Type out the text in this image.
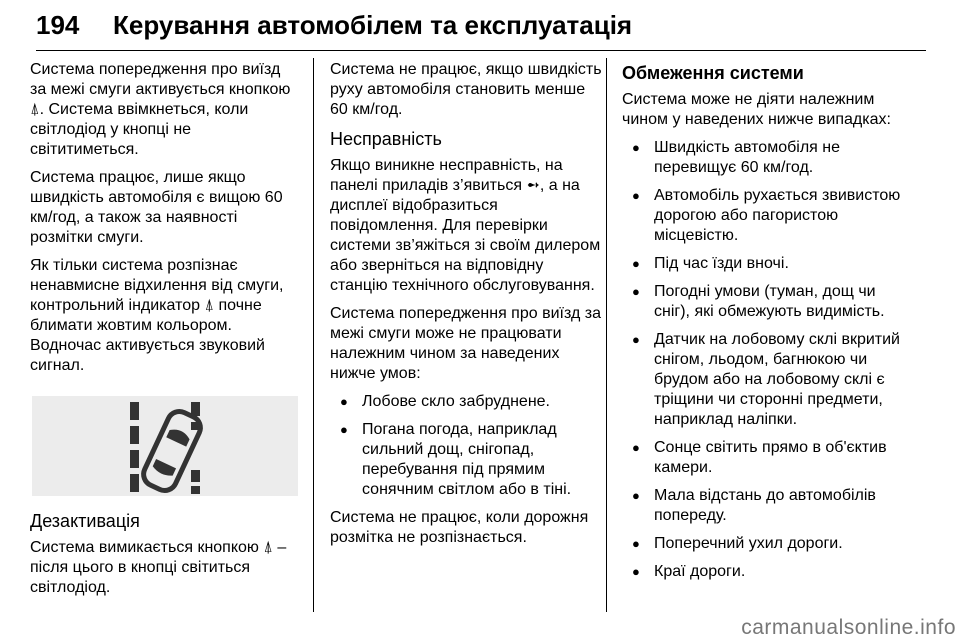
194 Керування автомобілем та експлуатація

Система попередження про виїзд за межі смуги активується кнопкою ⍋. Система ввімкнеться, коли світлодіод у кнопці не світитиметься.

Система працює, лише якщо швидкість автомобіля є вищою 60 км/год, а також за наявності розмітки смуги.

Як тільки система розпізнає ненавмисне відхилення від смуги, контрольний індикатор ⍋ почне блимати жовтим кольором. Водночас активується звуковий сигнал.

Дезактивація

Система вимикається кнопкою ⍋ – після цього в кнопці світиться світлодіод.

Система не працює, якщо швидкість руху автомобіля становить менше 60 км/год.

Несправність

Якщо виникне несправність, на панелі приладів з’явиться ➻, а на дисплеї відобразиться повідомлення. Для перевірки системи зв’яжіться зі своїм дилером або зверніться на відповідну станцію технічного обслуговування.

Система попередження про виїзд за межі смуги може не працювати належним чином за наведених нижче умов:

● Лобове скло забруднене.
● Погана погода, наприклад сильний дощ, снігопад, перебування під прямим сонячним світлом або в тіні.

Система не працює, коли дорожня розмітка не розпізнається.

Обмеження системи

Система може не діяти належним чином у наведених нижче випадках:

● Швидкість автомобіля не перевищує 60 км/год.
● Автомобіль рухається звивистою дорогою або пагористою місцевістю.
● Під час їзди вночі.
● Погодні умови (туман, дощ чи сніг), які обмежують видимість.
● Датчик на лобовому склі вкритий снігом, льодом, багнюкою чи брудом або на лобовому склі є тріщини чи сторонні предмети, наприклад наліпки.
● Сонце світить прямо в об'єктив камери.
● Мала відстань до автомобілів попереду.
● Поперечний ухил дороги.
● Краї дороги.
carmanualsonline.info
